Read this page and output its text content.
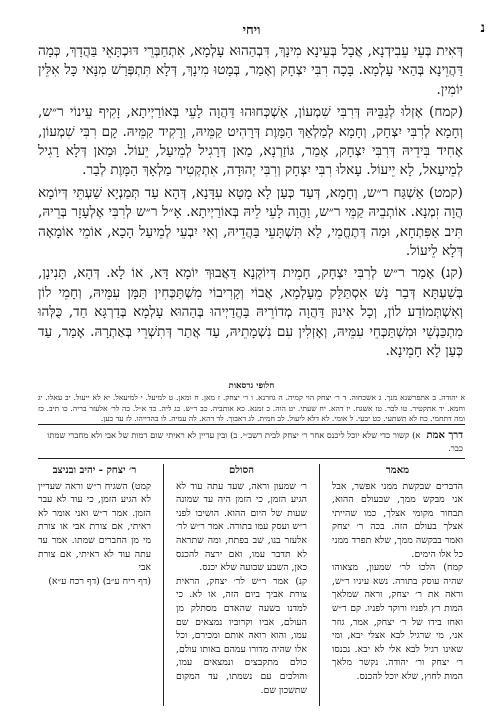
נ
ויחי

דְּאִית בְּעֵי עֵבִידְנָא, אֲבָל בְּעֵינָא מִינָךְ, דִּבְהַהוּא עָלְמָא, אִתְחַבְּרֵי דּוּכְתָּאֵי בַּהֲדָךְ, כְּמָה דַּהֲוֵינָא בְּהַאי עָלְמָא. בָּכָה רִבִּי יִצְחָק וְאָמַר, בְּמָטוּ מִינָךְ, דְּלָא תִּתְפְּרַשׁ מִנָּאי כָּל אִלֵּין יוֹמִין.

(קמח) אָזְלוּ לְגַבֵּיהּ דְּרִבִּי שִׁמְעוֹן, אַשְׁכְּחוּהוּ דַּהֲוָה לָעֵי בְּאוֹרַיְיתָא, זָקִיף עֵינוֹי ר״ש, וְחָמָא לְרִבִּי יִצְחָק, וְחָמָא לְמַלְאַךְ הַמָּוֶת דְּרָהִיט קַמֵּיהּ, וְרָקִיד קַמֵּיהּ. קָם רִבִּי שִׁמְעוֹן, אָחִיד בִּידֵיהּ דְּרִבִּי יִצְחָק, אָמַר, גּוֹזַרְנָא, מַאן דְּרָגִיל לְמֵיעַל, יֵעוֹל. וּמַאן דְּלָא רָגִיל לְמֵיעַאל, לָא יֵיעוֹל. עָאלוּ רִבִּי יִצְחָק וְרִבִּי יְהוּדָה, אִתְקְטִיר מַלְאָךְ הַמָּוֶת לְבַר.

(קמט) אַשְׁגַּח ר״ש, וְחָמָא, דְּעַד כְּעַן לָא מָטָא עִדָּנָא, דְּהָא עַד תְּמַנְיָא שַׁעְתֵּי דְּיוֹמָא הֲוָה זִמְנָא. אוֹתְבֵיהּ קַמֵּי ר״ש, וַהֲוָה לָעֵי לֵיהּ בְּאוֹרַיְיתָא. אָ״ל ר״ש לְרִבִּי אֶלְעָזָר בְּרֵיהּ, תִּיב אַפִּתְחָא, וּמַה דְּתֶחֱמֵי, לָא תִּשְׁתָּעֵי בַּהֲדֵיהּ, וְאִי יִבְעֵי לְמֵיעַל הָכָא, אוֹמֵי אוֹמָאָה דְּלָא לֵיעוֹל.

(קנ) אָמַר ר״ש לְרִבִּי יִצְחָק, חָמֵית דְּיוֹקְנָא דַּאֲבוּךְ יוֹמָא דָּא, אוֹ לָא. דְּהָא, תָּנִינָן, בְּשַׁעְתָּא דְּבַר נָשׁ אִסְתַּלַּק מֵעָלְמָא, אֲבוֹי וְקָרִיבוֹי מִשְׁתַּכְּחִין תַּמָּן עִמֵּיהּ, וְחָמֵי לוֹן וְאִשְׁתְּמוֹדַע לוֹן, וְכָל אִינוּן דַּהֲוָה מְדוֹרֵיהּ בַּהֲדַיְיהוּ בְּהַהוּא עָלְמָא בְּדַרְגָּא חַד, כֻּלְּהוּ מִתְכַּנְשֵׁי וּמִשְׁתַּכְּחֵי עִמֵּיהּ, וְאָזְלִין עִם נִשְׁמָתֵיהּ, עַד אֲתַר דְּתִשְׁרֵי בְּאַתְרָהּ. אָמַר, עַד כְּעַן לָא חָמֵינָא.

חלופי גרסאות
א יהודה. ב אתפרשנא מנך. ג אשכחוה. ד ר׳ יצחק הוי קמיה. ה גוזרנא. ו ר׳ יצחק. ז מאן. ח ומאן. ט למיעל. י למיעאל. יא לא ייעול. יב עאלו. יג וחמא. יד אתקטיר. טו לבר. טז אשגח. יז דהא. יח שעתי. יט הוה. כ זמנא. כא אותביה. כב ר״ש. כג ליה. כד א״ל. כה לר׳ אלעזר בריה. כו תיב. כז ומה דתחמי. כח לא תשתעי. כט יבעי. ל אומי. לא דלא ליעול. לב חמית. לג דאבוך. לד דהא. לה עמיה. לו בהדייהו. לז עד כען.
דרך אמתא) קשור כדי שלא יוכל ליכנס אחר ר׳ יצחק לבית רשב״י. ב) ובין עדיין לא ראיתי שום דמות של אבי ולא מחברי שמתו כבר.
מאמר

הדברים שבקשת ממני אפשר, אבל אני מבקש ממך, שבעולם ההוא, תבחור מקומי אצלך, כמו שהייתי אצלך בעולם הזה. בכה ר׳ יצחק ואמר בבקשה ממך, שלא תפרד ממני כל אלו הימים.

קמח) הלכו לר׳ שמעון, מצאוהו שהיה עוסק בתורה. נשא עיניו ר״ש, וראה את ר׳ יצחק, וראה שמלאך המות רץ לפניו ורוקד לפניו. קם ר״ש ואחז בידו של ר׳ יצחק, אמר, גוזר אני, מי שרגיל לבא אצלי יבא, ומי שאינו רגיל לבא אלי לא יבא. נכנסו ר׳ יצחק ור׳ יהודה. נקשר מלאך המות לחוץ, שלא יוכל להכנס.

הסולם

ר׳ שמעון וראה, שעד עתה עוד לא הגיע הזמן, כי הזמן היה עד שמונה שעות של היום ההוא. הושיבו לפני ר״ש ועסק עמו בתורה. אמר ר״ש לר׳ אלעזר בנו, שב בפתח, ומה שתראה לא תדבר עמו, ואם ירצה להכנס כאן, השבע שבועה שלא יכנס.

קנ) אמר ר״ש לר׳ יצחק, הראית צורת אביך ביום הזה, או לא. כי למדנו בשעה שהאדם מסתלק מן העולם, אביו וקרוביו נמצאים שם עמו, והוא רואה אותם ומכירם, וכל אלו שהיה מדורו עמהם באותו עולם, כולם מתקבצים ונמצאים עמו, והולכים עם נשמתו, עד המקום שתשכון שם.

ר׳ יצחק - יהיב ובניצב

קמט) השגיח ר״ש וראה שעדיין לא הגיע הזמן, כי עוד לא עבר הזמן. אמר ר״ש ואני אומר לא ראיתי, אם צורת אבי או צורת מי מן החברים שמתו. אמר עד עתה עוד לא ראיתי, אם צורת אבי

(דף ריח ע״ב) (דף רכח ע״א)
